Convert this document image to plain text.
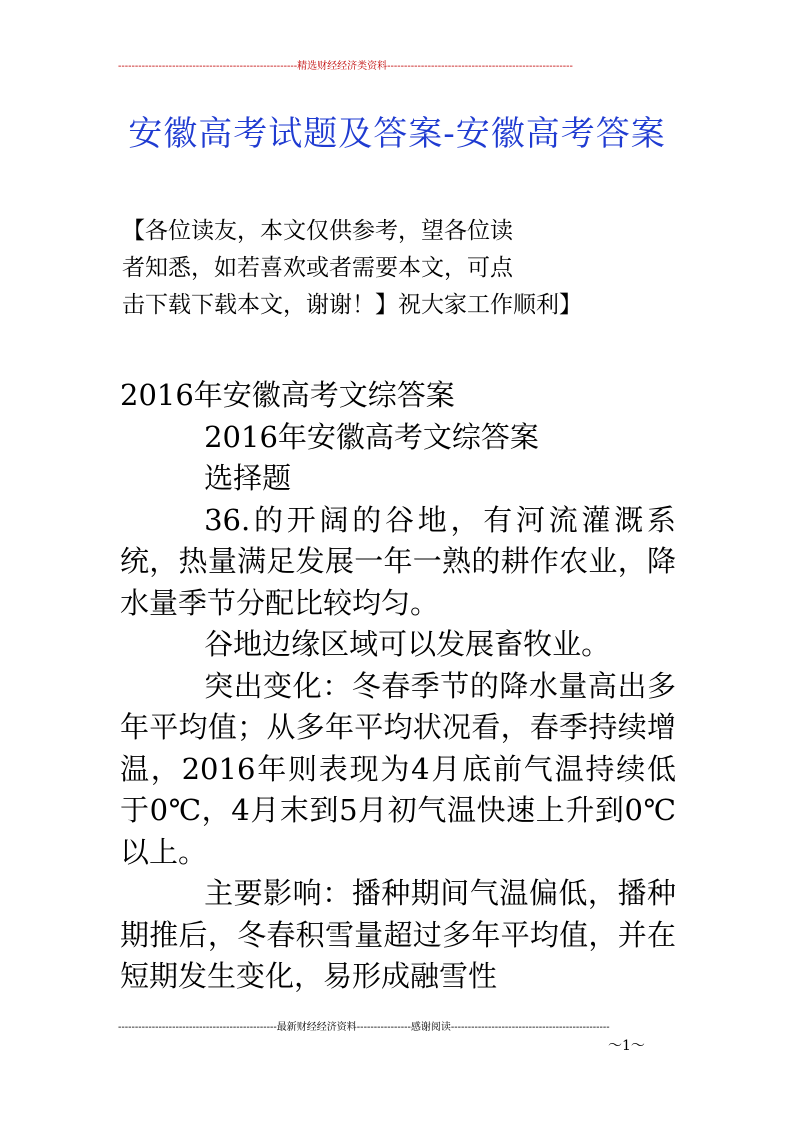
-----------------------------------------------------精选财经经济类资料-------------------------------------------------------
安徽高考试题及答案-安徽高考答案
【各位读友，本文仅供参考，望各位读
者知悉，如若喜欢或者需要本文，可点
击下载下载本文，谢谢！】祝大家工作顺利】

2016年安徽高考文综答案

2016年安徽高考文综答案

选择题

36.的开阔的谷地，有河流灌溉系统，热量满足发展一年一熟的耕作农业，降水量季节分配比较均匀。

谷地边缘区域可以发展畜牧业。

突出变化：冬春季节的降水量高出多年平均值；从多年平均状况看，春季持续增温，2016年则表现为4月底前气温持续低于0℃，4月末到5月初气温快速上升到0℃以上。

主要影响：播种期间气温偏低，播种期推后，冬春积雪量超过多年平均值，并在短期发生变化，易形成融雪性

-----------------------------------------------最新财经经济资料----------------感谢阅读-----------------------------------------------
～1～
